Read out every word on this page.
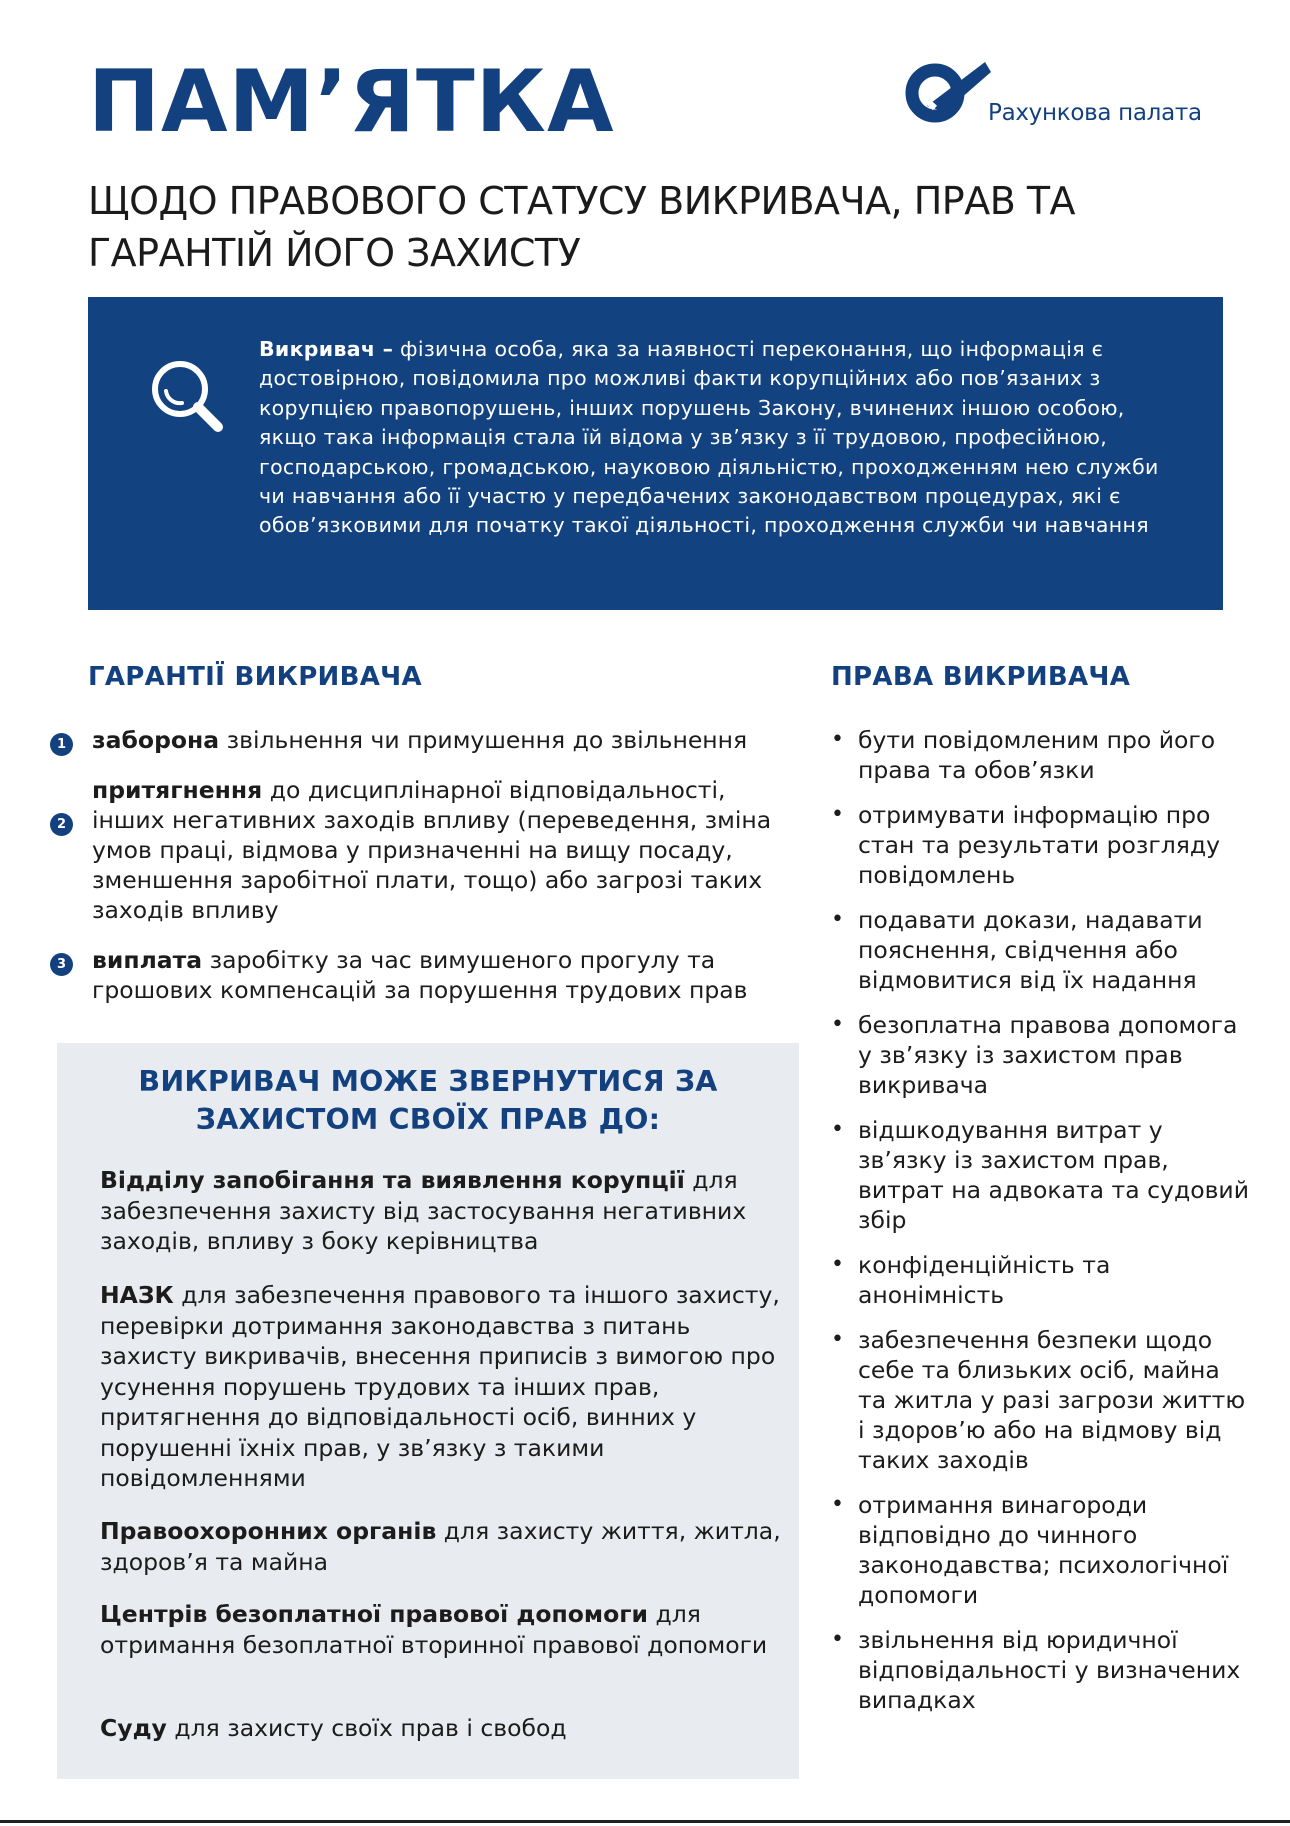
ПАМ’ЯТКА	Рахункова палата
ЩОДО ПРАВОВОГО СТАТУСУ ВИКРИВАЧА, ПРАВ ТА ГАРАНТІЙ ЙОГО ЗАХИСТУ

Викривач – фізична особа, яка за наявності переконання, що інформація є достовірною, повідомила про можливі факти корупційних або пов’язаних з корупцією правопорушень, інших порушень Закону, вчинених іншою особою, якщо така інформація стала їй відома у зв’язку з її трудовою, професійною, господарською, громадською, науковою діяльністю, проходженням нею служби чи навчання або її участю у передбачених законодавством процедурах, які є обов’язковими для початку такої діяльності, проходження служби чи навчання

ГАРАНТІЇ ВИКРИВАЧА
1 заборона звільнення чи примушення до звільнення
2
притягнення до дисциплінарної відповідальності, інших негативних заходів впливу (переведення, зміна умов праці, відмова у призначенні на вищу посаду, зменшення заробітної плати, тощо) або загрозі таких заходів впливу
3 виплата заробітку за час вимушеного прогулу та грошових компенсацій за порушення трудових прав
ВИКРИВАЧ МОЖЕ ЗВЕРНУТИСЯ ЗА ЗАХИСТОМ СВОЇХ ПРАВ ДО:

Відділу запобігання та виявлення корупції для забезпечення захисту від застосування негативних заходів, впливу з боку керівництва

НАЗК для забезпечення правового та іншого захисту, перевірки дотримання законодавства з питань захисту викривачів, внесення приписів з вимогою про усунення порушень трудових та інших прав, притягнення до відповідальності осіб, винних у порушенні їхніх прав, у зв’язку з такими повідомленнями

Правоохоронних органів для захисту життя, житла, здоров’я та майна

Центрів безоплатної правової допомоги для отримання безоплатної вторинної правової допомоги

Суду для захисту своїх прав і свобод

ПРАВА ВИКРИВАЧА
• бути повідомленим про його права та обов’язки
• отримувати інформацію про стан та результати розгляду повідомлень
• подавати докази, надавати пояснення, свідчення або відмовитися від їх надання
• безоплатна правова допомога у зв’язку із захистом прав викривача
• відшкодування витрат у зв’язку із захистом прав, витрат на адвоката та судовий збір
• конфіденційність та анонімність
• забезпечення безпеки щодо себе та близьких осіб, майна та житла у разі загрози життю і здоров’ю або на відмову від таких заходів
• отримання винагороди відповідно до чинного законодавства; психологічної допомоги
• звільнення від юридичної відповідальності у визначених випадках
